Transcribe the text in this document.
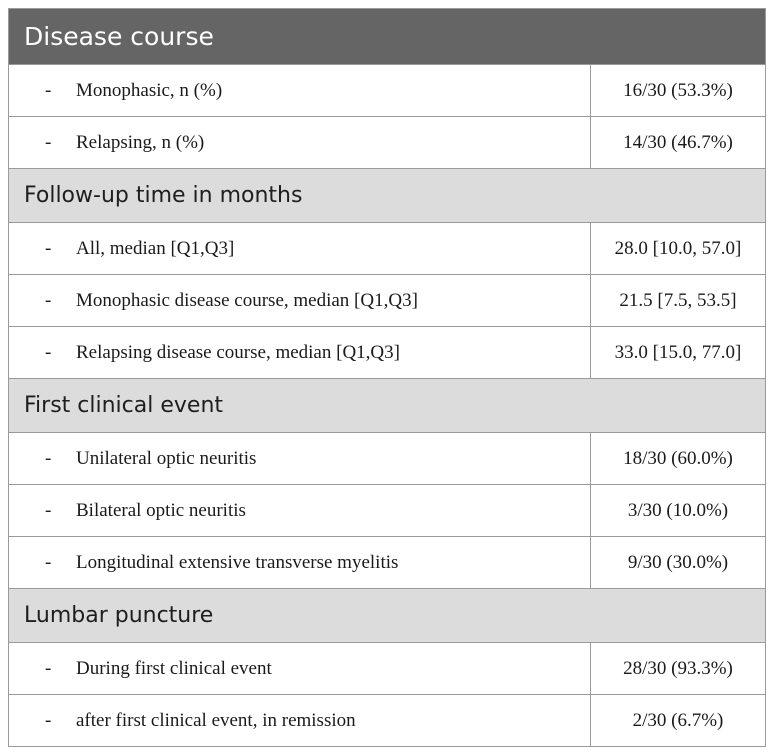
Disease course	
- Monophasic, n (%)	16/30 (53.3%)
- Relapsing, n (%)	14/30 (46.7%)
Follow-up time in months	
- All, median [Q1,Q3]	28.0 [10.0, 57.0]
- Monophasic disease course, median [Q1,Q3]	21.5 [7.5, 53.5]
- Relapsing disease course, median [Q1,Q3]	33.0 [15.0, 77.0]
First clinical event	
- Unilateral optic neuritis	18/30 (60.0%)
- Bilateral optic neuritis	3/30 (10.0%)
- Longitudinal extensive transverse myelitis	9/30 (30.0%)
Lumbar puncture	
- During first clinical event	28/30 (93.3%)
- after first clinical event, in remission	2/30 (6.7%)
